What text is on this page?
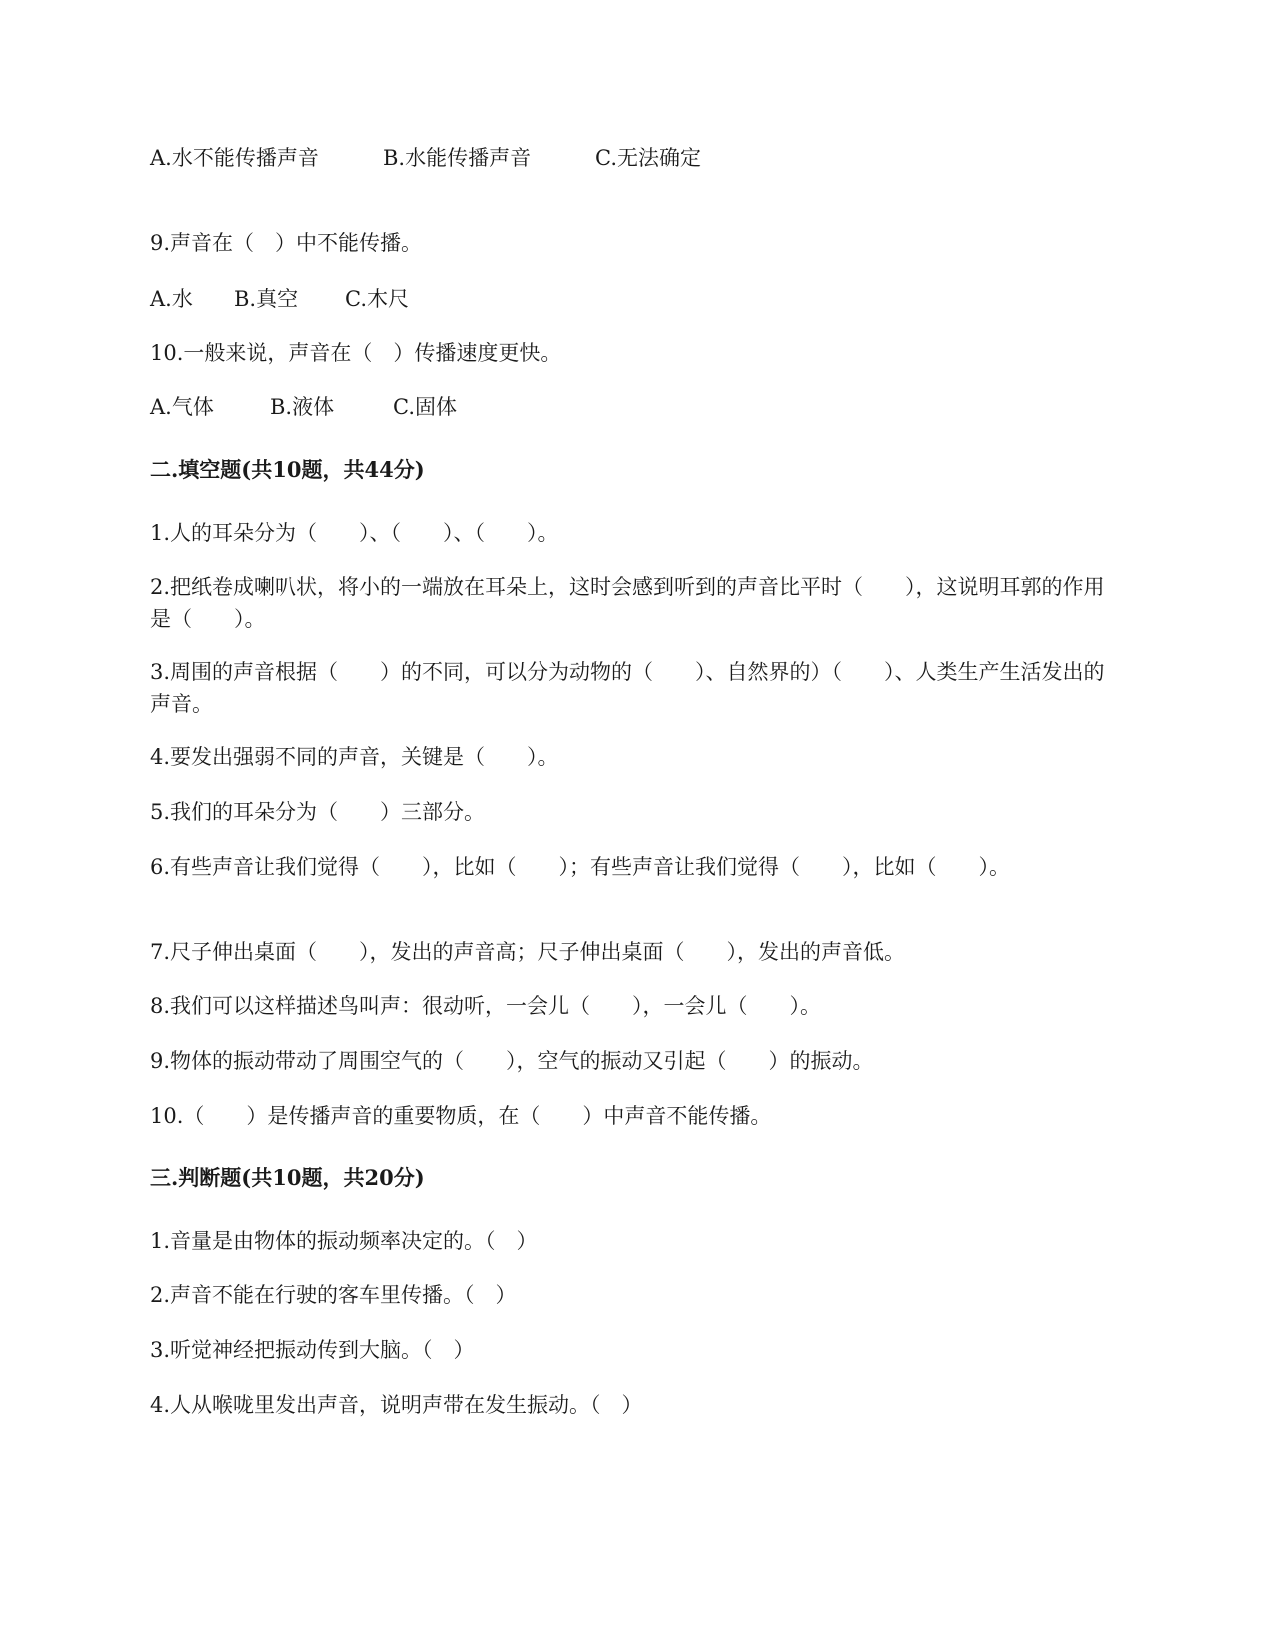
A.水不能传播声音	B.水能传播声音	C.无法确定
9.声音在（　）中不能传播。
A.水 B.真空 C.木尺
10.一般来说，声音在（　）传播速度更快。
A.气体	B.液体	C.固体
二.填空题(共10题，共44分)
1.人的耳朵分为（　　）、（　　）、（　　）。
2.把纸卷成喇叭状，将小的一端放在耳朵上，这时会感到听到的声音比平时（　　），这说明耳郭的作用是（　　）。
3.周围的声音根据（　　）的不同，可以分为动物的（　　）、自然界的）（　　）、人类生产生活发出的声音。
4.要发出强弱不同的声音，关键是（　　）。
5.我们的耳朵分为（　　）三部分。
6.有些声音让我们觉得（　　），比如（　　）；有些声音让我们觉得（　　），比如（　　）。
7.尺子伸出桌面（　　），发出的声音高；尺子伸出桌面（　　），发出的声音低。
8.我们可以这样描述鸟叫声：很动听，一会儿（　　），一会儿（　　）。
9.物体的振动带动了周围空气的（　　），空气的振动又引起（　　）的振动。
10.（　　）是传播声音的重要物质，在（　　）中声音不能传播。
三.判断题(共10题，共20分)
1.音量是由物体的振动频率决定的。（　）
2.声音不能在行驶的客车里传播。（　）
3.听觉神经把振动传到大脑。（　）
4.人从喉咙里发出声音，说明声带在发生振动。（　）
